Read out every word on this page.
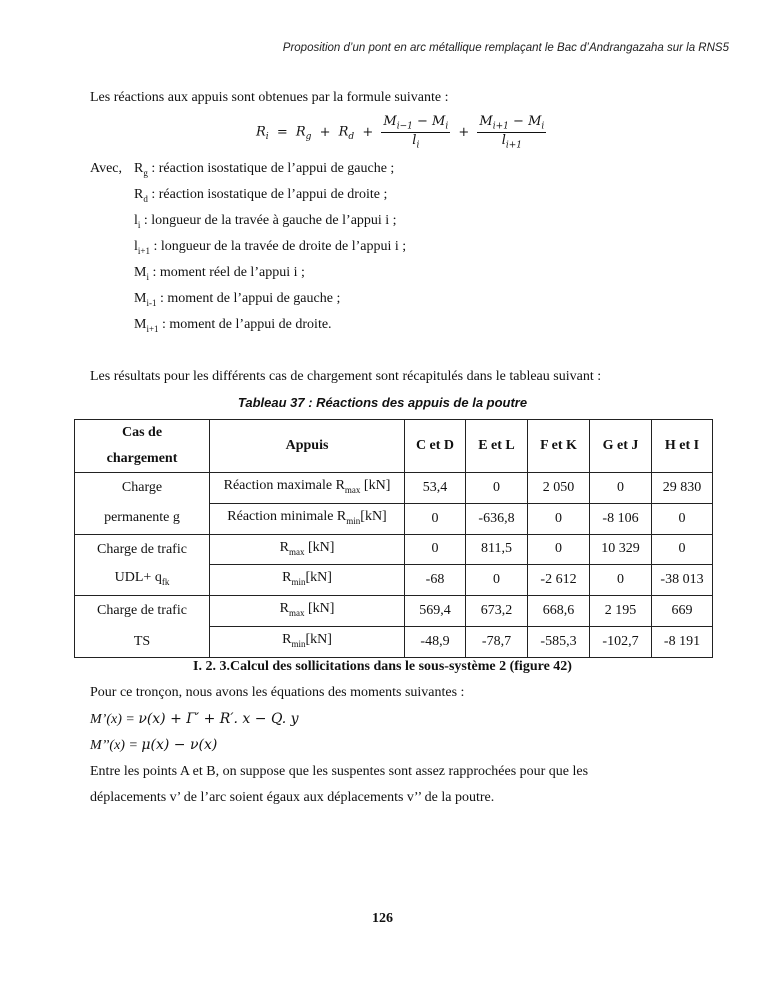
Proposition d’un pont en arc métallique remplaçant le Bac d’Andrangazaha sur la RNS5
Les réactions aux appuis sont obtenues par la formule suivante :
$R_i = R_g + R_d + \frac{M_{i-1} - M_i}{l_i} + \frac{M_{i+1} - M_i}{l_{i+1}}$
Avec, $R_g$ : réaction isostatique de l’appui de gauche ;
$R_d$ : réaction isostatique de l’appui de droite ;
$l_i$ : longueur de la travée à gauche de l’appui i ;
$l_{i+1}$ : longueur de la travée de droite de l’appui i ;
$M_i$ : moment réel de l’appui i ;
$M_{i-1}$ : moment de l’appui de gauche ;
$M_{i+1}$ : moment de l’appui de droite.
Les résultats pour les différents cas de chargement sont récapitulés dans le tableau suivant :
Tableau 37 : Réactions des appuis de la poutre
Cas de chargement	Appuis	C et D	E et L	F et K	G et J	H et I
Charge	Réaction maximale $R_{max}$ [kN]	53,4	0	2 050	0	29 830
permanente g	Réaction minimale $R_{min}[kN]$	0	-636,8	0	-8 106	0
Charge de trafic	$R_{max}$ [kN]	0	811,5	0	10 329	0
$UDL+ q_{fk}$	$R_{min}[kN]$	-68	0	-2 612	0	-38 013
Charge de trafic	$R_{max}$ [kN]	569,4	673,2	668,6	2 195	669
TS	$R_{min}[kN]$	-48,9	-78,7	-585,3	-102,7	-8 191
I. 2. 3.Calcul des sollicitations dans le sous-système 2 (figure 42)
Pour ce tronçon, nous avons les équations des moments suivantes :
M’(x) = ν(x) + Γ′ + R′. x − Q. y
M’’(x) = μ(x) − ν(x)
Entre les points A et B, on suppose que les suspentes sont assez rapprochées pour que les
déplacements v’ de l’arc soient égaux aux déplacements v’’ de la poutre.
126
